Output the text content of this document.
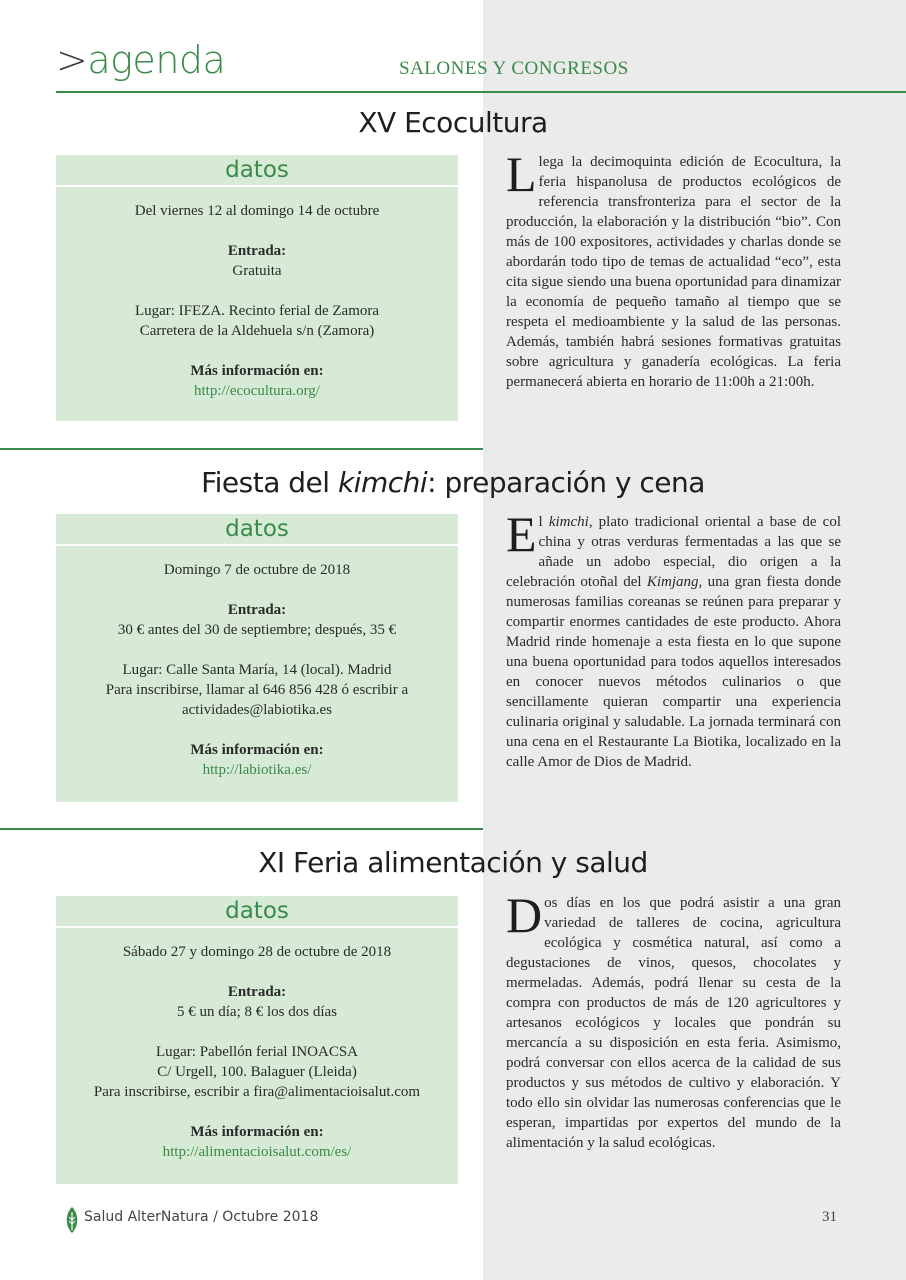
>agenda	SALONES Y CONGRESOS
XV Ecocultura
datos
Del viernes 12 al domingo 14 de octubre
Entrada:
Gratuita
Lugar: IFEZA. Recinto ferial de Zamora
Carretera de la Aldehuela s/n (Zamora)
Más información en:
http://ecocultura.org/
Llega la decimoquinta edición de Ecocultura, la feria hispanolusa de productos ecológicos de referencia transfronteriza para el sector de la producción, la elaboración y la distribución “bio”. Con más de 100 expositores, actividades y charlas donde se abordarán todo tipo de temas de actualidad “eco”, esta cita sigue siendo una buena oportunidad para dinamizar la economía de pequeño tamaño al tiempo que se respeta el medioambiente y la salud de las personas. Además, también habrá sesiones formativas gratuitas sobre agricultura y ganadería ecológicas. La feria permanecerá abierta en horario de 11:00h a 21:00h.
Fiesta del kimchi: preparación y cena
datos
Domingo 7 de octubre de 2018
Entrada:
30 € antes del 30 de septiembre; después, 35 €
Lugar: Calle Santa María, 14 (local). Madrid
Para inscribirse, llamar al 646 856 428 ó escribir a
actividades@labiotika.es
Más información en:
http://labiotika.es/
El kimchi, plato tradicional oriental a base de col china y otras verduras fermentadas a las que se añade un adobo especial, dio origen a la celebración otoñal del Kimjang, una gran fiesta donde numerosas familias coreanas se reúnen para preparar y compartir enormes cantidades de este producto. Ahora Madrid rinde homenaje a esta fiesta en lo que supone una buena oportunidad para todos aquellos interesados en conocer nuevos métodos culinarios o que sencillamente quieran compartir una experiencia culinaria original y saludable. La jornada terminará con una cena en el Restaurante La Biotika, localizado en la calle Amor de Dios de Madrid.
XI Feria alimentación y salud
datos
Sábado 27 y domingo 28 de octubre de 2018
Entrada:
5 € un día; 8 € los dos días
Lugar: Pabellón ferial INOACSA
C/ Urgell, 100. Balaguer (Lleida)
Para inscribirse, escribir a fira@alimentacioisalut.com
Más información en:
http://alimentacioisalut.com/es/
Dos días en los que podrá asistir a una gran variedad de talleres de cocina, agricultura ecológica y cosmética natural, así como a degustaciones de vinos, quesos, chocolates y mermeladas. Además, podrá llenar su cesta de la compra con productos de más de 120 agricultores y artesanos ecológicos y locales que pondrán su mercancía a su disposición en esta feria. Asimismo, podrá conversar con ellos acerca de la calidad de sus productos y sus métodos de cultivo y elaboración. Y todo ello sin olvidar las numerosas conferencias que le esperan, impartidas por expertos del mundo de la alimentación y la salud ecológicas.
Salud AlterNatura / Octubre 2018	31
